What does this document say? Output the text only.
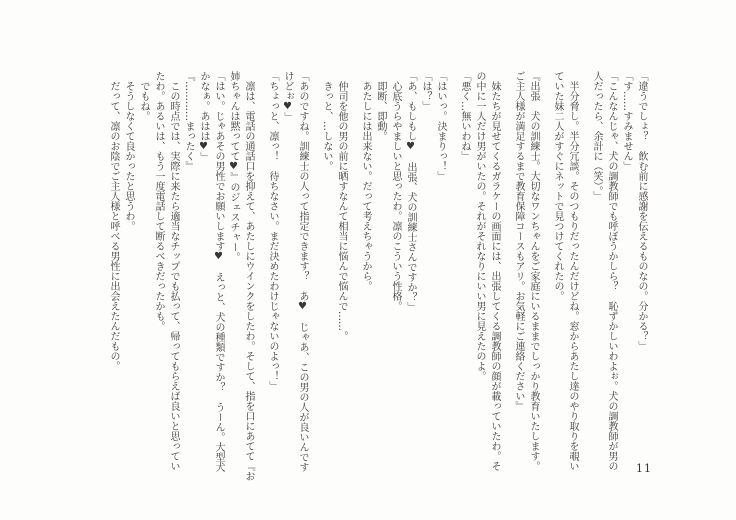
「違うでしょ？　飲む前に感謝を伝えるものなの。分かる？」
「す……すみません」
「こんなんじゃ、犬の調教師でも呼ぼうかしら？　恥ずかしいわよぉ。犬の調教師が男の
人だったら、余計に（笑）。」
半分脅し。半分冗談。そのつもりだったんだけどね。窓からあたし達のやり取りを覗い
ていた妹二人がすぐにネットで見つけてくれたの。
『出張　犬の訓練士。大切なワンちゃんをご家庭にいるままでしっかり教育いたします。
ご主人様が満足するまで教育保障コースもアリ。お気軽にご連絡ください』
妹たちが見せてくるガラケーの画面には、出張してくる調教師の顔が載っていたわ。そ
の中に一人だけ男がいたの。それがそれなりにいい男に見えたのよ。
「悪く…無いわね」
「はいっ。決まりっ！」
「は？」
「あ、もしもし♥　出張、犬の訓練士さんですか？」
心底うらやましいと思ったわ。凛のこういう性格。
即断、即動。
あたしには出来ない。だって考えちゃうから。
仲司を他の男の前に晒すなんて相当に悩んで悩んで……。
きっと、…しない。
「あのですね。訓練士の人って指定できます？　あ♥　じゃあ、この男の人が良いんです
けどぉ♥」
「ちょっと、凛っ！　待ちなさい。まだ決めたわけじゃないのよっ！」
凛は、電話の通話口を抑えて、あたしにウインクをしたわ。そして、指を口にあてて『お
姉ちゃんは黙ってて♥』のジェスチャー。
「はい。じゃあその男性でお願いします♥　えっと、犬の種類ですか？　うーん。大型犬
かなぁ。あはは♥」
『…………まったく』
この時点では、実際に来たら適当なチップでも払って、帰ってもらえば良いと思ってい
たわ。あるいは、もう一度電話して断るべきだったかも。
でもね。
そうしなくて良かったと思うわ。
だって、凛のお陰でご主人様と呼べる男性に出会えたんだもの。
11
